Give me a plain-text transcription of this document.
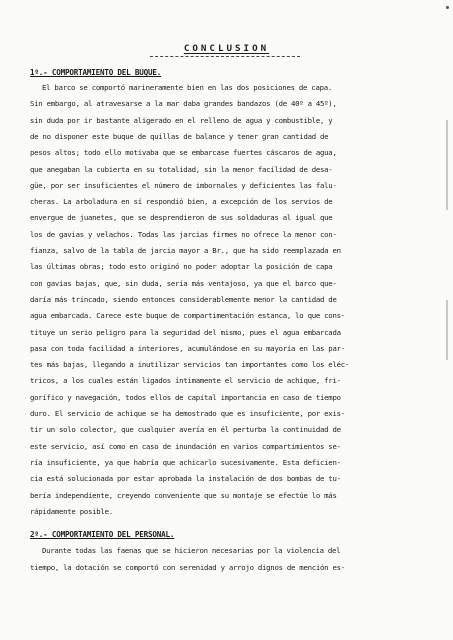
CONCLUSION
1º.- COMPORTAMIENTO DEL BUQUE.
El barco se comportó marineramente bien en las dos posiciones de capa.
Sin embargo, al atravesarse a la mar daba grandes bandazos (de 40º a 45º),
sin duda por ir bastante aligerado en el relleno de agua y combustible, y
de no disponer este buque de quillas de balance y tener gran cantidad de
pesos altos; todo ello motivaba que se embarcase fuertes cáscaros de agua,
que anegaban la cubierta en su totalidad, sin la menor facilidad de desa-
güe, por ser insuficientes el número de imbornales y deficientes las falu-
cheras. La arboladura en sí respondió bien, a excepción de los servios de
envergue de juanetes, que se desprendieron de sus soldaduras al igual que
los de gavias y velachos. Todas las jarcias firmes no ofrece la menor con-
fianza, salvo de la tabla de jarcia mayor a Br., que ha sido reemplazada en
las últimas obras; todo esto originó no poder adoptar la posición de capa
con gavias bajas, que, sin duda, sería más ventajoso, ya que el barco que-
daría más trincado, siendo entonces considerablemente menor la cantidad de
agua embarcada. Carece este buque de compartimentación estanca, lo que cons-
tituye un serio peligro para la seguridad del mismo, pues el agua embarcada
pasa con toda facilidad a interiores, acumulándose en su mayoría en las par-
tes más bajas, llegando a inutilizar servicios tan importantes como los eléc-
tricos, a los cuales están ligados íntimamente el servicio de achique, fri-
gorífico y navegación, todos ellos de capital importancia en caso de tiempo
duro. El servicio de achique se ha demostrado que es insuficiente, por exis-
tir un solo colector, que cualquier avería en él perturba la continuidad de
este servicio, así como en caso de inundación en varios compartimientos se-
ría insuficiente, ya que habría que achicarlo sucesivamente. Esta deficien-
cia está solucionada por estar aprobada la instalación de dos bombas de tu-
bería independiente, creyendo conveniente que su montaje se efectúe lo más
rápidamente posible.
2º.- COMPORTAMIENTO DEL PERSONAL.
Durante todas las faenas que se hicieron necesarias por la violencia del
tiempo, la dotación se comportó con serenidad y arrojo dignos de mención es-
